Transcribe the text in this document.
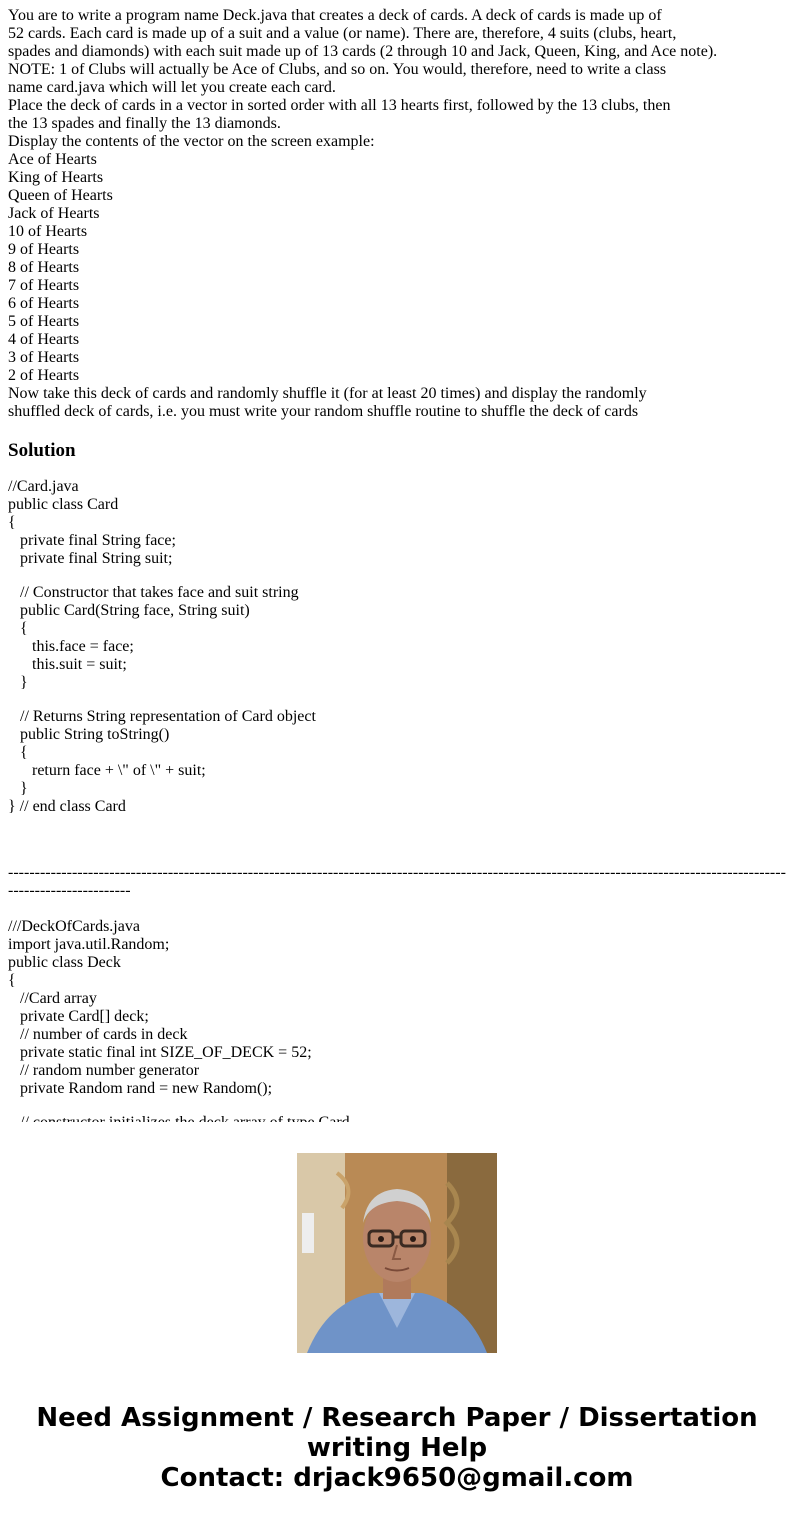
You are to write a program name Deck.java that creates a deck of cards. A deck of cards is made up of
52 cards. Each card is made up of a suit and a value (or name). There are, therefore, 4 suits (clubs, heart,
spades and diamonds) with each suit made up of 13 cards (2 through 10 and Jack, Queen, King, and Ace note).
NOTE: 1 of Clubs will actually be Ace of Clubs, and so on. You would, therefore, need to write a class
name card.java which will let you create each card.
Place the deck of cards in a vector in sorted order with all 13 hearts first, followed by the 13 clubs, then
the 13 spades and finally the 13 diamonds.
Display the contents of the vector on the screen example:
Ace of Hearts
King of Hearts
Queen of Hearts
Jack of Hearts
10 of Hearts
9 of Hearts
8 of Hearts
7 of Hearts
6 of Hearts
5 of Hearts
4 of Hearts
3 of Hearts
2 of Hearts
Now take this deck of cards and randomly shuffle it (for at least 20 times) and display the randomly
shuffled deck of cards, i.e. you must write your random shuffle routine to shuffle the deck of cards
Solution
//Card.java
public class Card
{
private final String face;
private final String suit;
// Constructor that takes face and suit string
public Card(String face, String suit)
{
this.face = face;
this.suit = suit;
}
// Returns String representation of Card object
public String toString()
{
return face + \" of \" + suit;
}
} // end class Card
-------------------------------------------------------------------------------------------------------------------------------------------------------------------------
///DeckOfCards.java
import java.util.Random;
public class Deck
{
//Card array
private Card[] deck;
// number of cards in deck
private static final int SIZE_OF_DECK = 52;
// random number generator
private Random rand = new Random();
Need Assignment / Research Paper / Dissertation
writing Help
Contact: drjack9650@gmail.com
